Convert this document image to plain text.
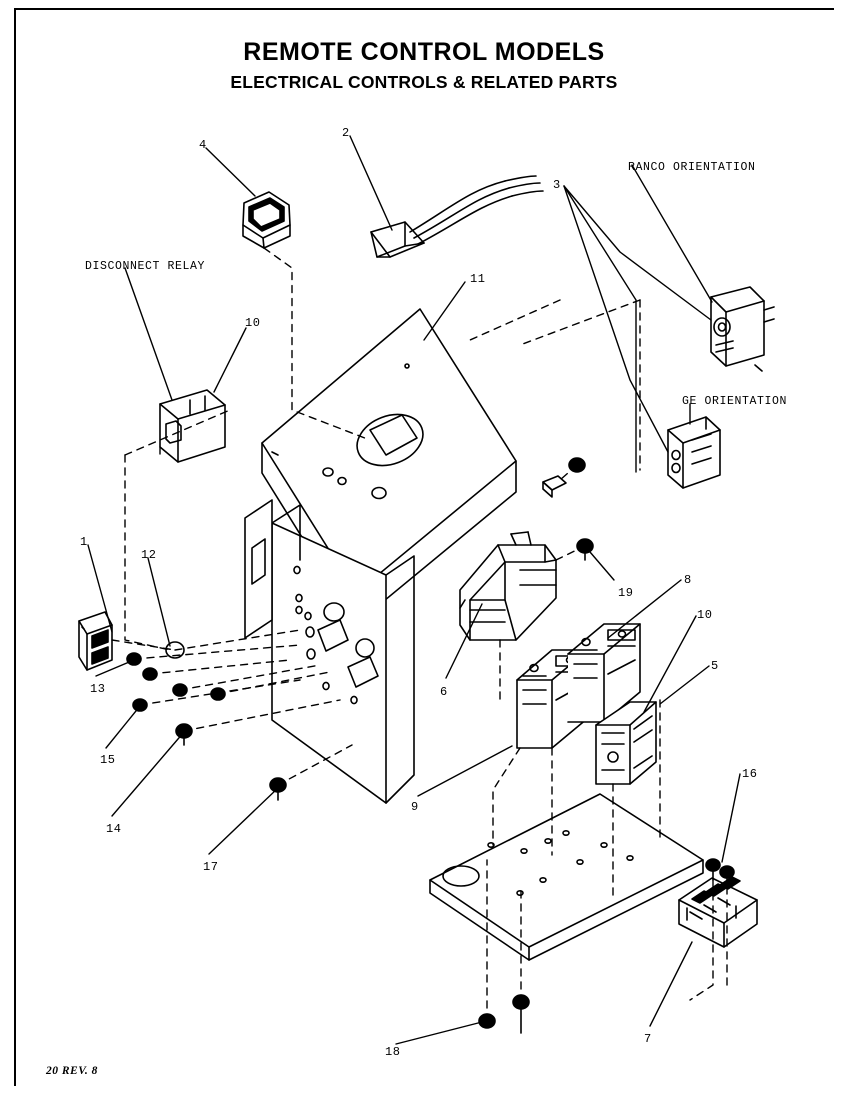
REMOTE CONTROL MODELS
ELECTRICAL CONTROLS & RELATED PARTS
RANCO ORIENTATION
DISCONNECT RELAY
GE ORIENTATION
4
2
3
11
10
1
12
13
15
14
17
6
19
8
10
5
9
16
7
18
20 REV. 8
